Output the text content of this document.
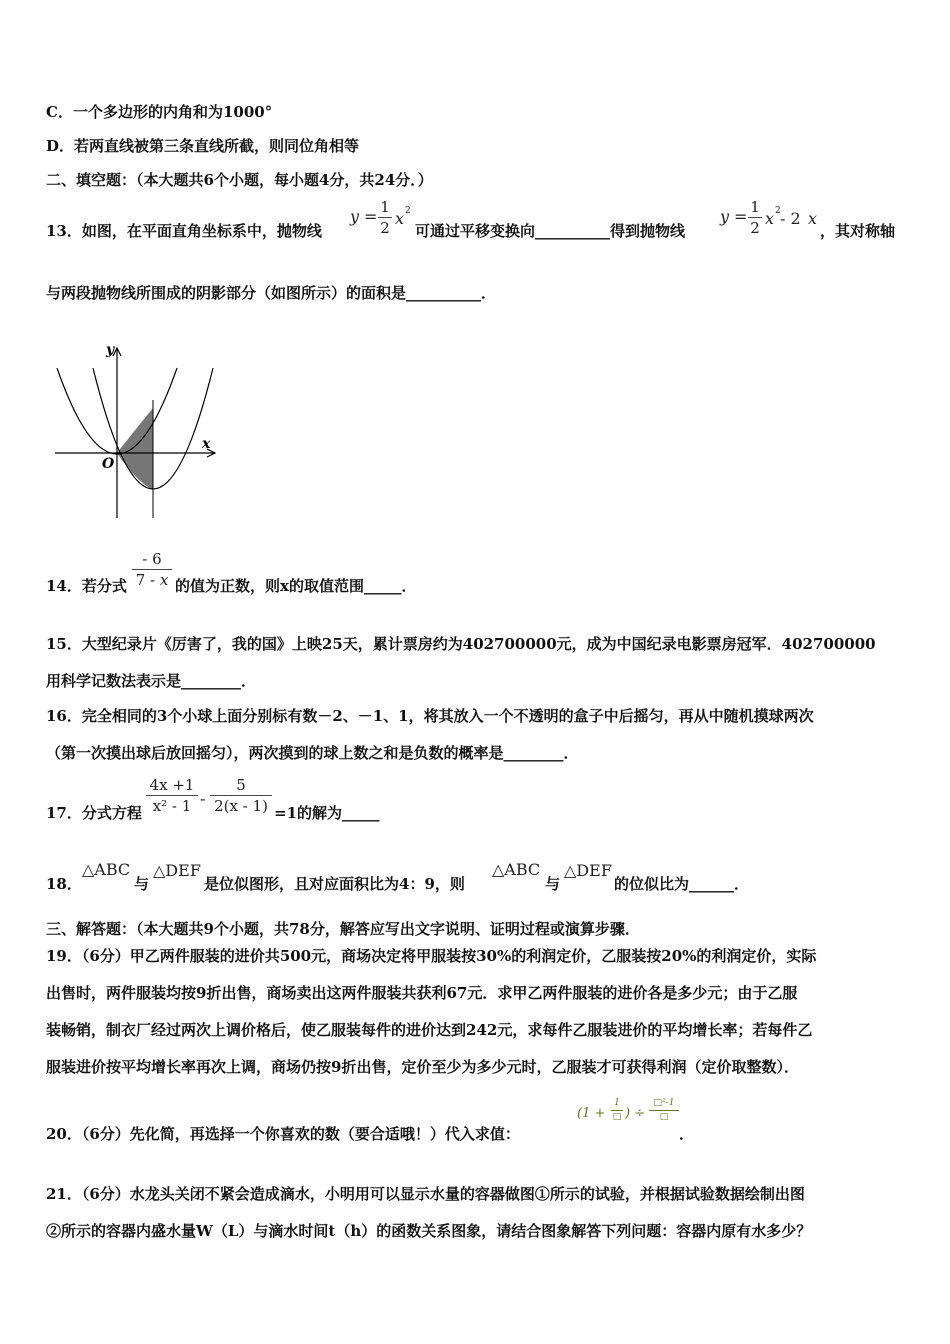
C．一个多边形的内角和为1000°
D．若两直线被第三条直线所截，则同位角相等
二、填空题：（本大题共6个小题，每小题4分，共24分．）
13．如图，在平面直角坐标系中，抛物线
y = 1
2 x 2
可通过平移变换向__________得到抛物线
y = 1
2 x 2 - 2 x
，其对称轴
与两段抛物线所围成的阴影部分（如图所示）的面积是__________．
y
x
O
14．若分式
- 6
7 - x 的值为正数，则x的取值范围_____．
15．大型纪录片《厉害了，我的国》上映25天，累计票房约为402700000元，成为中国纪录电影票房冠军．402700000
用科学记数法表示是________．
16．完全相同的3个小球上面分别标有数－2、－1、1，将其放入一个不透明的盒子中后摇匀，再从中随机摸球两次
（第一次摸出球后放回摇匀），两次摸到的球上数之和是负数的概率是________．
17．分式方程
4x +1
x² - 1 -
5
2(x - 1) =1的解为_____
18．
△ABC
与
△DEF
是位似图形，且对应面积比为4：9，则
△ABC
与
△DEF
的位似比为______．
三、解答题：（本大题共9个小题，共78分，解答应写出文字说明、证明过程或演算步骤．
19．（6分）甲乙两件服装的进价共500元，商场决定将甲服装按30%的利润定价，乙服装按20%的利润定价，实际
出售时，两件服装均按9折出售，商场卖出这两件服装共获利67元．求甲乙两件服装的进价各是多少元；由于乙服
装畅销，制衣厂经过两次上调价格后，使乙服装每件的进价达到242元，求每件乙服装进价的平均增长率；若每件乙
服装进价按平均增长率再次上调，商场仍按9折出售，定价至少为多少元时，乙服装才可获得利润（定价取整数）．
20．（6分）先化简，再选择一个你喜欢的数（要合适哦！）代入求值：
(1 +
1
□ ) ÷
□²-1
□
．
21．（6分）水龙头关闭不紧会造成滴水，小明用可以显示水量的容器做图①所示的试验，并根据试验数据绘制出图
②所示的容器内盛水量W（L）与滴水时间t（h）的函数关系图象，请结合图象解答下列问题：容器内原有水多少？
